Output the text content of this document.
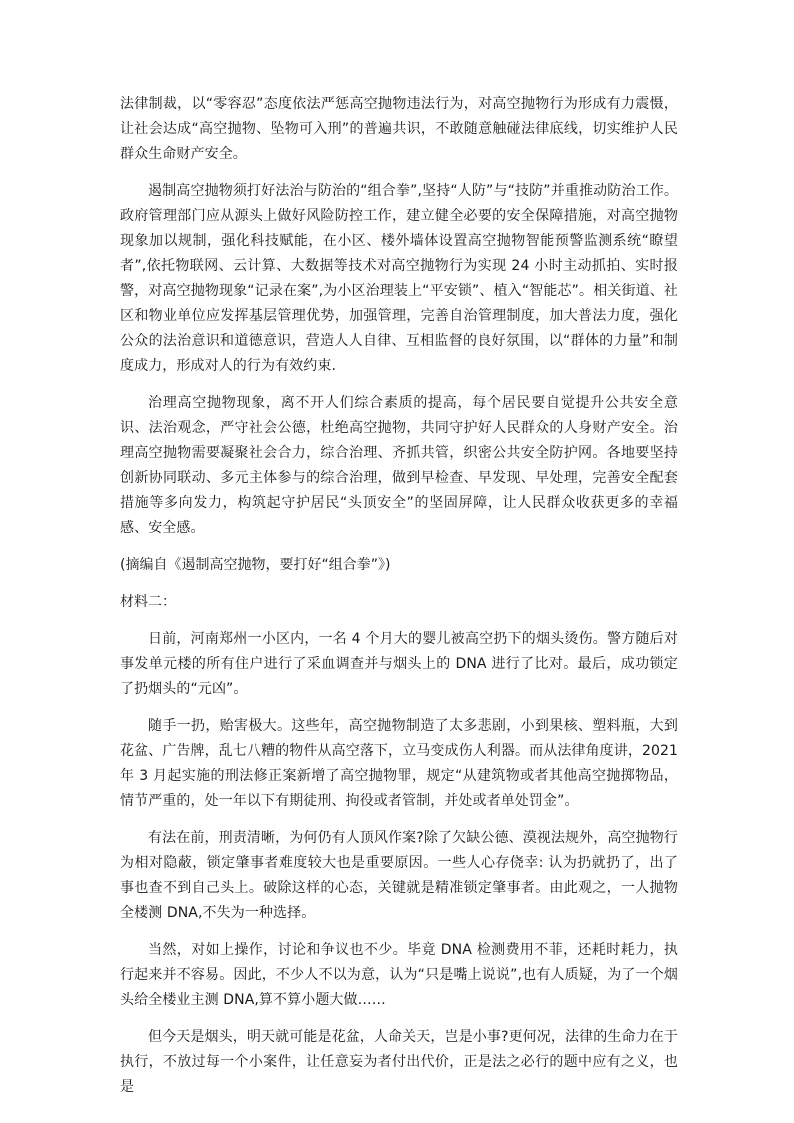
法律制裁，以“零容忍”态度依法严惩高空抛物违法行为，对高空抛物行为形成有力震慑，让社会达成“高空抛物、坠物可入刑”的普遍共识，不敢随意触碰法律底线，切实维护人民群众生命财产安全。

遏制高空抛物须打好法治与防治的“组合拳”,坚持“人防”与“技防”并重推动防治工作。政府管理部门应从源头上做好风险防控工作，建立健全必要的安全保障措施，对高空抛物现象加以规制，强化科技赋能，在小区、楼外墙体设置高空抛物智能预警监测系统“瞭望者”,依托物联网、云计算、大数据等技术对高空抛物行为实现 24 小时主动抓拍、实时报警，对高空抛物现象“记录在案”,为小区治理装上“平安锁”、植入“智能芯”。相关街道、社区和物业单位应发挥基层管理优势，加强管理，完善自治管理制度，加大普法力度，强化公众的法治意识和道德意识，营造人人自律、互相监督的良好氛围，以“群体的力量”和制度成力，形成对人的行为有效约束.

治理高空抛物现象，离不开人们综合素质的提高，每个居民要自觉提升公共安全意识、法治观念，严守社会公德，杜绝高空抛物，共同守护好人民群众的人身财产安全。治理高空抛物需要凝聚社会合力，综合治理、齐抓共管，织密公共安全防护网。各地要坚持创新协同联动、多元主体参与的综合治理，做到早检查、早发现、早处理，完善安全配套措施等多向发力，构筑起守护居民“头顶安全”的坚固屏障，让人民群众收获更多的幸福感、安全感。

(摘编自《遏制高空抛物，要打好“组合拳”》)

材料二：

日前，河南郑州一小区内，一名 4 个月大的婴儿被高空扔下的烟头烫伤。警方随后对事发单元楼的所有住户进行了采血调查并与烟头上的 DNA 进行了比对。最后，成功锁定了扔烟头的“元凶”。

随手一扔，贻害极大。这些年，高空抛物制造了太多悲剧，小到果核、塑料瓶，大到花盆、广告牌，乱七八糟的物件从高空落下，立马变成伤人利器。而从法律角度讲，2021 年 3 月起实施的刑法修正案新增了高空抛物罪，规定“从建筑物或者其他高空抛掷物品，情节严重的，处一年以下有期徒刑、拘役或者管制，并处或者单处罚金”。

有法在前，刑责清晰，为何仍有人顶风作案?除了欠缺公德、漠视法规外，高空抛物行为相对隐蔽，锁定肇事者难度较大也是重要原因。一些人心存侥幸: 认为扔就扔了，出了事也查不到自己头上。破除这样的心态，关键就是精准锁定肇事者。由此观之，一人抛物全楼测 DNA,不失为一种选择。

当然，对如上操作，讨论和争议也不少。毕竟 DNA 检测费用不菲，还耗时耗力，执行起来并不容易。因此，不少人不以为意，认为“只是嘴上说说”,也有人质疑，为了一个烟头给全楼业主测 DNA,算不算小题大做……

但今天是烟头，明天就可能是花盆，人命关天，岂是小事?更何况，法律的生命力在于执行，不放过每一个小案件，让任意妄为者付出代价，正是法之必行的题中应有之义，也是
